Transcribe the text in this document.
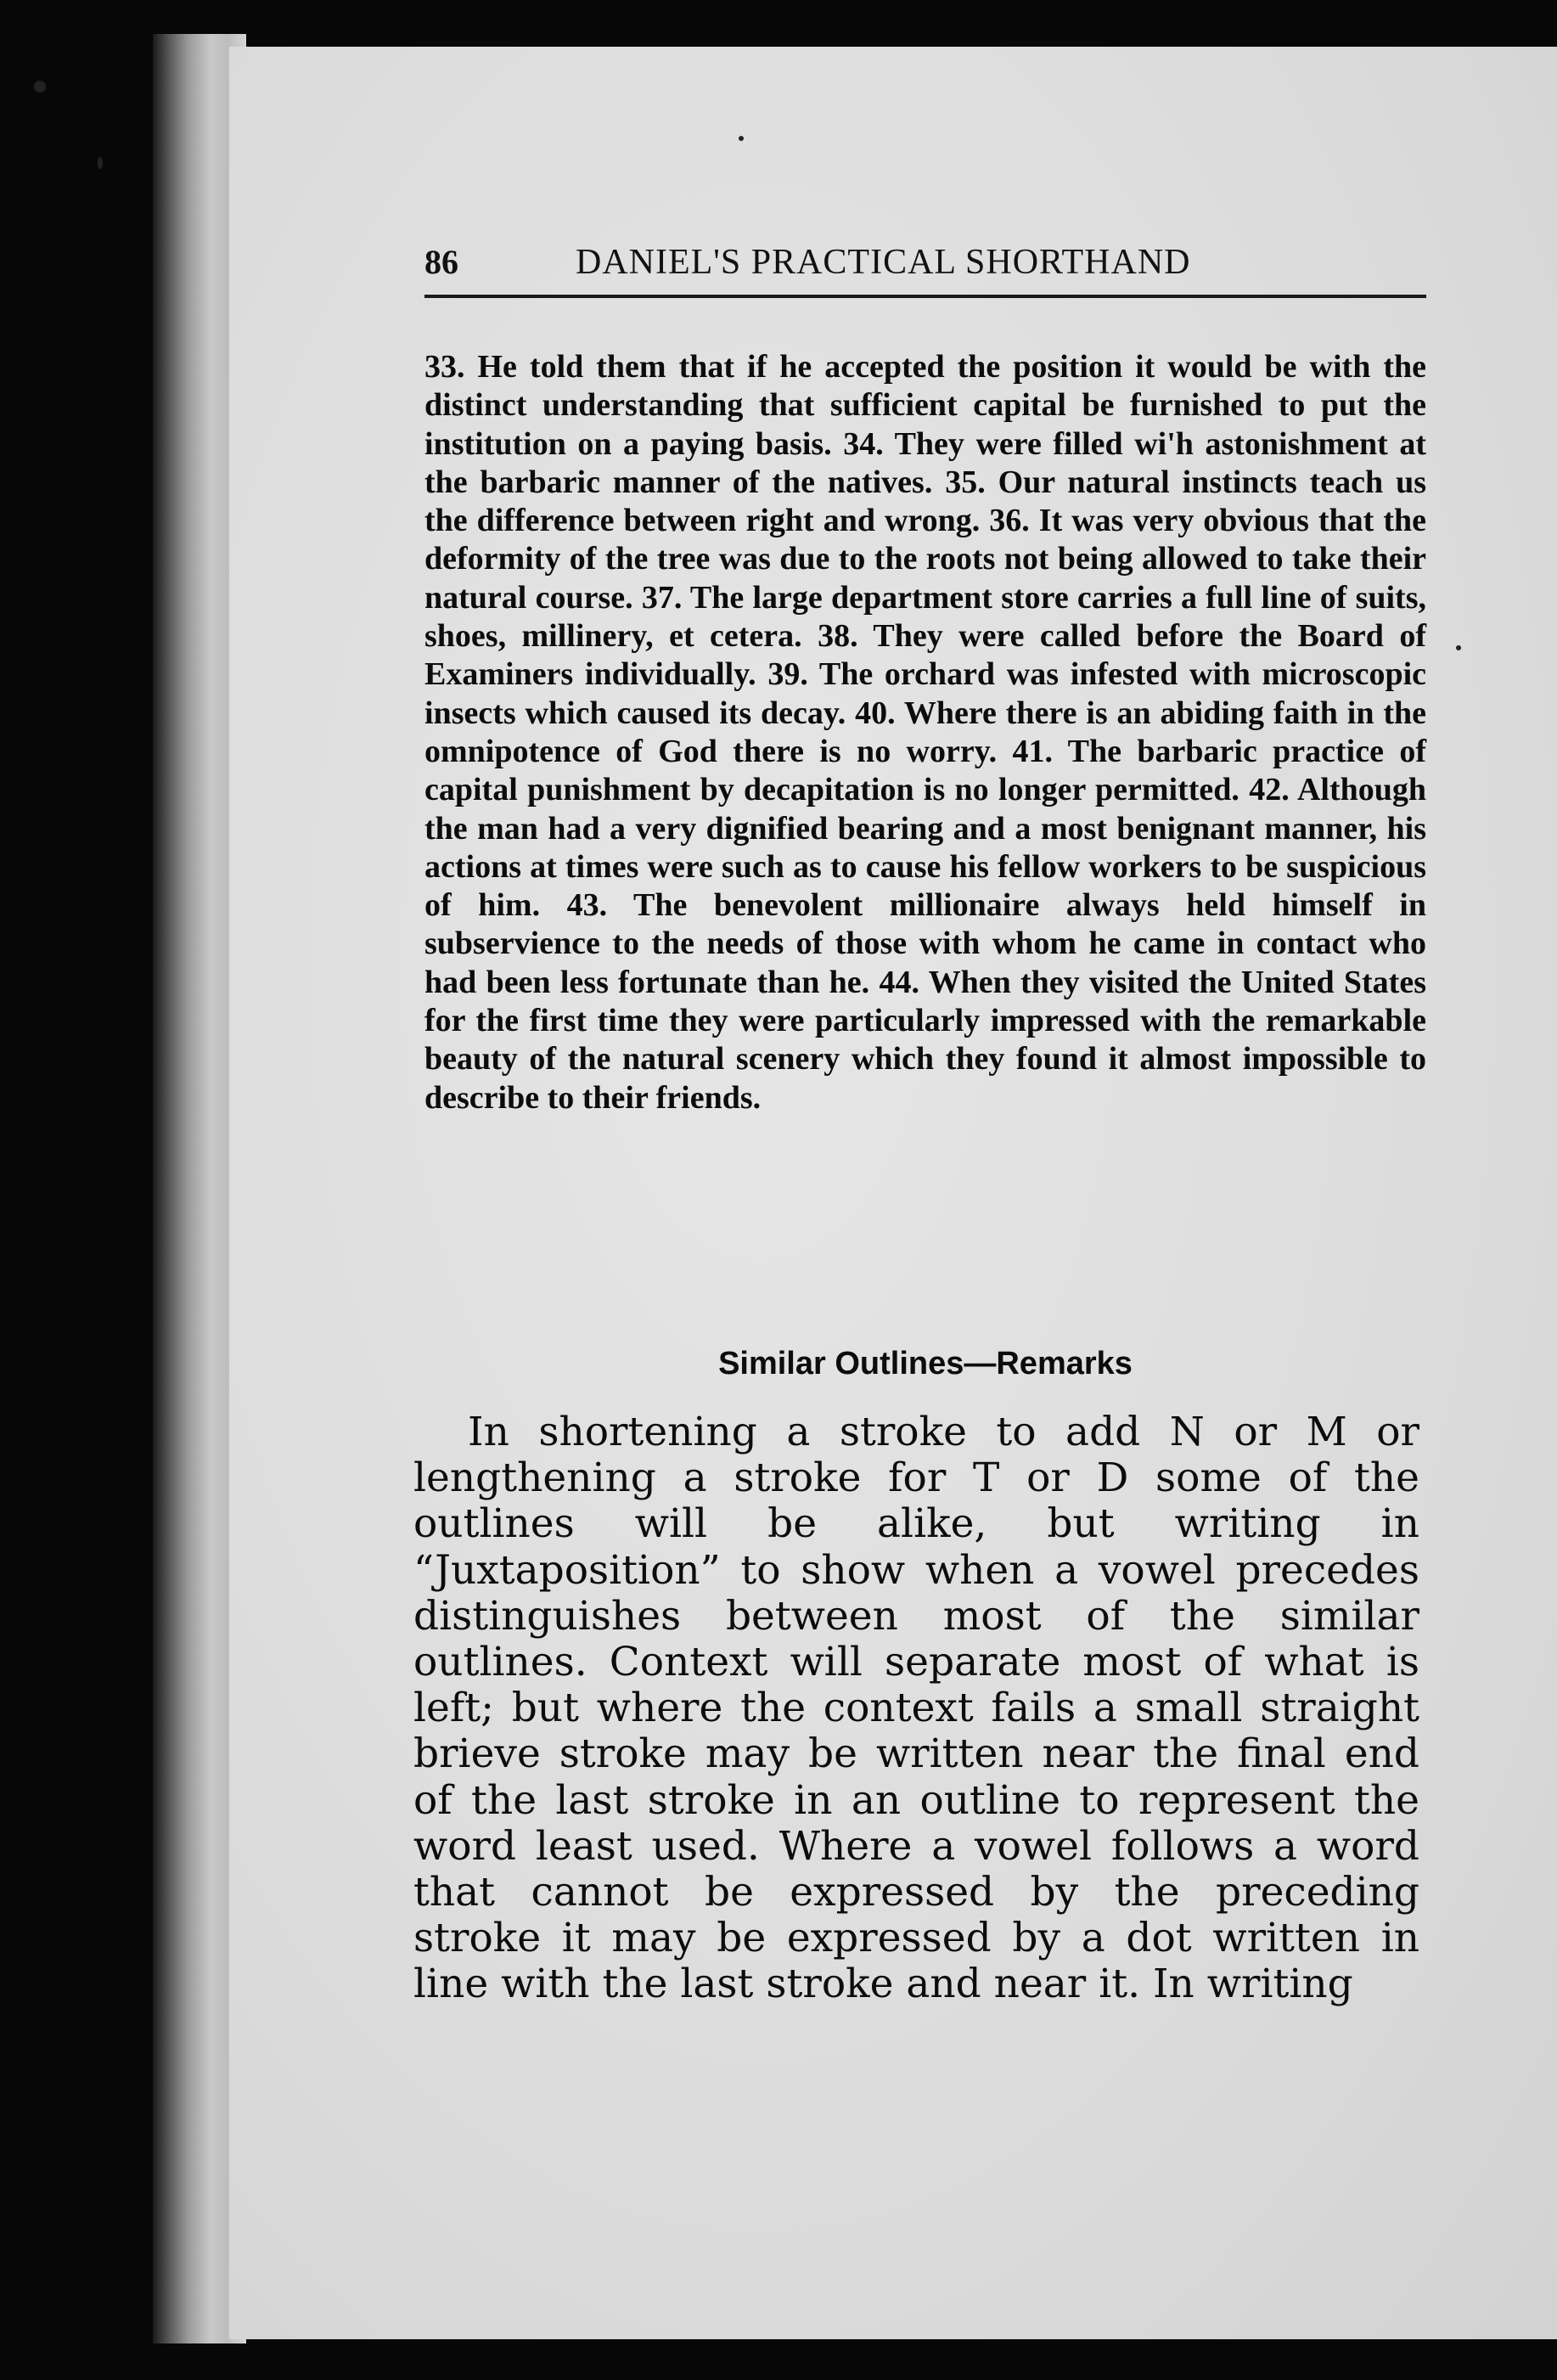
86	DANIEL'S PRACTICAL SHORTHAND

33. He told them that if he accepted the position it would be with the distinct understanding that sufficient capital be furnished to put the institution on a paying basis. 34. They were filled wi'h astonishment at the barbaric manner of the natives. 35. Our natural instincts teach us the difference between right and wrong. 36. It was very obvious that the deformity of the tree was due to the roots not being allowed to take their natural course. 37. The large department store carries a full line of suits, shoes, millinery, et cetera. 38. They were called before the Board of Examiners individually. 39. The orchard was infested with microscopic insects which caused its decay. 40. Where there is an abiding faith in the omnipotence of God there is no worry. 41. The barbaric practice of capital punishment by decapitation is no longer permitted. 42. Although the man had a very dignified bearing and a most benignant manner, his actions at times were such as to cause his fellow workers to be suspicious of him. 43. The benevolent millionaire always held himself in subservience to the needs of those with whom he came in contact who had been less fortunate than he. 44. When they visited the United States for the first time they were particularly impressed with the remarkable beauty of the natural scenery which they found it almost impossible to describe to their friends.

Similar Outlines—Remarks

In shortening a stroke to add N or M or lengthening a stroke for T or D some of the outlines will be alike, but writing in “Juxtaposition” to show when a vowel precedes distinguishes between most of the similar outlines. Context will separate most of what is left; but where the context fails a small straight brieve stroke may be written near the final end of the last stroke in an outline to represent the word least used. Where a vowel follows a word that cannot be expressed by the preceding stroke it may be expressed by a dot written in line with the last stroke and near it. In writing
